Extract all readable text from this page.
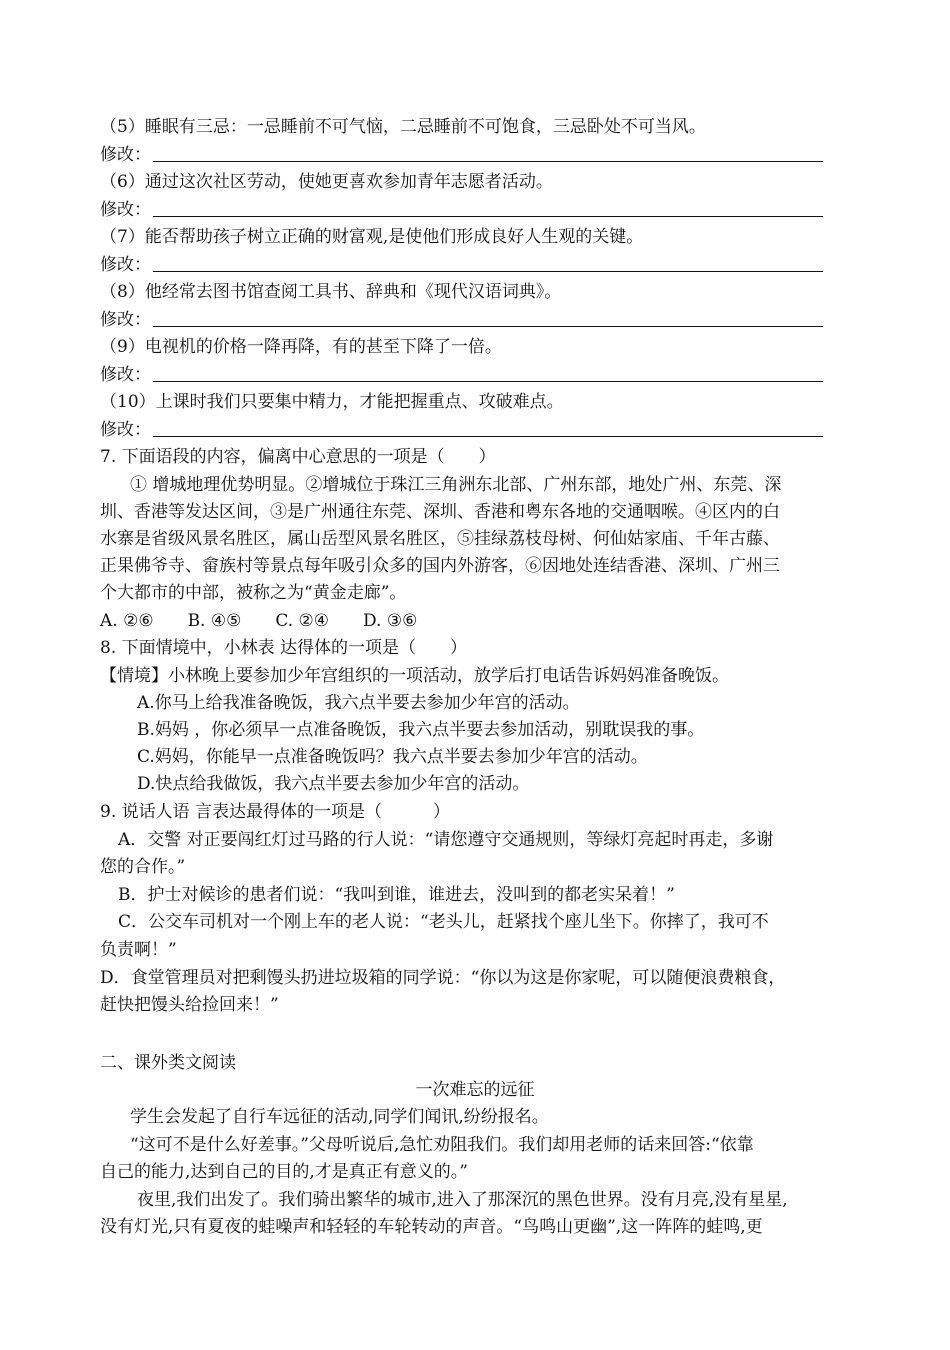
（5）睡眠有三忌：一忌睡前不可气恼，二忌睡前不可饱食，三忌卧处不可当风。
修改：
（6）通过这次社区劳动，使她更喜欢参加青年志愿者活动。
修改：
（7）能否帮助孩子树立正确的财富观,是使他们形成良好人生观的关键。
修改：
（8）他经常去图书馆查阅工具书、辞典和《现代汉语词典》。
修改：
（9）电视机的价格一降再降，有的甚至下降了一倍。
修改：
（10）上课时我们只要集中精力，才能把握重点、攻破难点。
修改：
7. 下面语段的内容，偏离中心意思的一项是（　　）
① 增城地理优势明显。②增城位于珠江三角洲东北部、广州东部，地处广州、东莞、深
圳、香港等发达区间，③是广州通往东莞、深圳、香港和粤东各地的交通咽喉。④区内的白
水寨是省级风景名胜区，属山岳型风景名胜区，⑤挂绿荔枝母树、何仙姑家庙、千年古藤、
正果佛爷寺、畲族村等景点每年吸引众多的国内外游客，⑥因地处连结香港、深圳、广州三
个大都市的中部，被称之为“黄金走廊”。
A. ②⑥　　B. ④⑤　　C. ②④　　D. ③⑥
8. 下面情境中，小林表 达得体的一项是（　　）
【情境】小林晚上要参加少年宫组织的一项活动，放学后打电话告诉妈妈准备晚饭。
A.你马上给我准备晚饭，我六点半要去参加少年宫的活动。
B.妈妈 ，你必须早一点准备晚饭，我六点半要去参加活动，别耽误我的事。
C.妈妈，你能早一点准备晚饭吗？我六点半要去参加少年宫的活动。
D.快点给我做饭，我六点半要去参加少年宫的活动。
9. 说话人语 言表达最得体的一项是（　　　）
A．交警 对正要闯红灯过马路的行人说：“请您遵守交通规则，等绿灯亮起时再走，多谢
您的合作。”
B．护士对候诊的患者们说：“我叫到谁，谁进去，没叫到的都老实呆着！”
C．公交车司机对一个刚上车的老人说：“老头儿，赶紧找个座儿坐下。你摔了，我可不
负责啊！”
D．食堂管理员对把剩馒头扔进垃圾箱的同学说：“你以为这是你家呢，可以随便浪费粮食，
赶快把馒头给捡回来！”
二、课外类文阅读
一次难忘的远征
学生会发起了自行车远征的活动,同学们闻讯,纷纷报名。
“这可不是什么好差事。”父母听说后,急忙劝阻我们。我们却用老师的话来回答:“依靠
自己的能力,达到自己的目的,才是真正有意义的。”
夜里,我们出发了。我们骑出繁华的城市,进入了那深沉的黑色世界。没有月亮,没有星星,
没有灯光,只有夏夜的蛙噪声和轻轻的车轮转动的声音。“鸟鸣山更幽”,这一阵阵的蛙鸣,更
